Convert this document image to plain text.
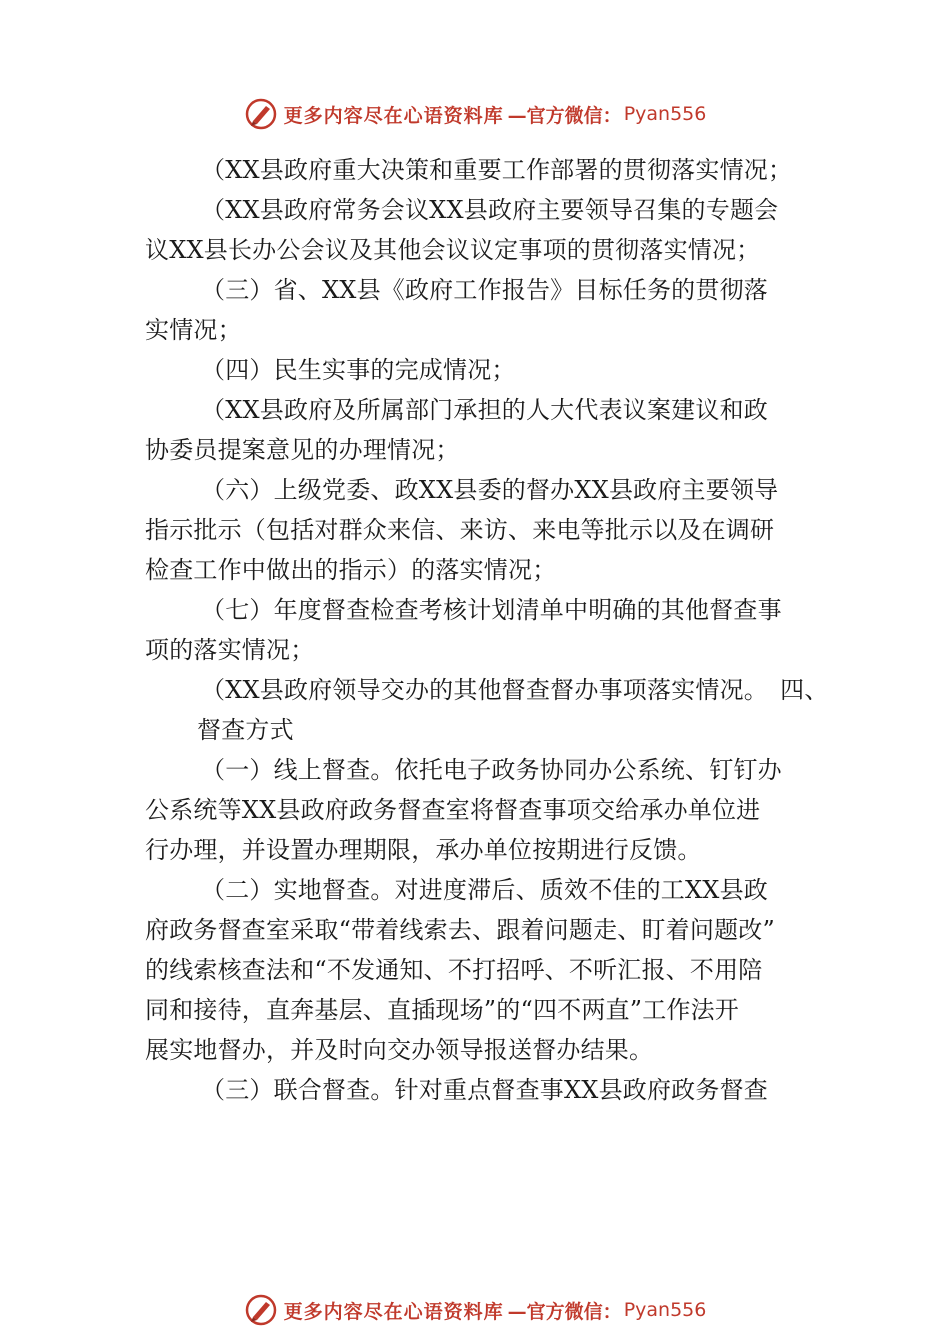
更多内容尽在心语资料库 —官方微信： Pyan556
（XX县政府重大决策和重要工作部署的贯彻落实情况；
（XX县政府常务会议XX县政府主要领导召集的专题会
议XX县长办公会议及其他会议议定事项的贯彻落实情况；
（三）省、XX县《政府工作报告》目标任务的贯彻落
实情况；
（四）民生实事的完成情况；
（XX县政府及所属部门承担的人大代表议案建议和政
协委员提案意见的办理情况；
（六）上级党委、政XX县委的督办XX县政府主要领导
指示批示（包括对群众来信、来访、来电等批示以及在调研
检查工作中做出的指示）的落实情况；
（七）年度督查检查考核计划清单中明确的其他督查事
项的落实情况；
（XX县政府领导交办的其他督查督办事项落实情况。　四、
督查方式
（一）线上督查。依托电子政务协同办公系统、钉钉办
公系统等XX县政府政务督查室将督查事项交给承办单位进
行办理，并设置办理期限，承办单位按期进行反馈。
（二）实地督查。对进度滞后、质效不佳的工XX县政
府政务督查室采取“带着线索去、跟着问题走、盯着问题改”
的线索核查法和“不发通知、不打招呼、不听汇报、不用陪
同和接待，直奔基层、直插现场”的“四不两直”工作法开
展实地督办，并及时向交办领导报送督办结果。
（三）联合督查。针对重点督查事XX县政府政务督查
更多内容尽在心语资料库 —官方微信： Pyan556
